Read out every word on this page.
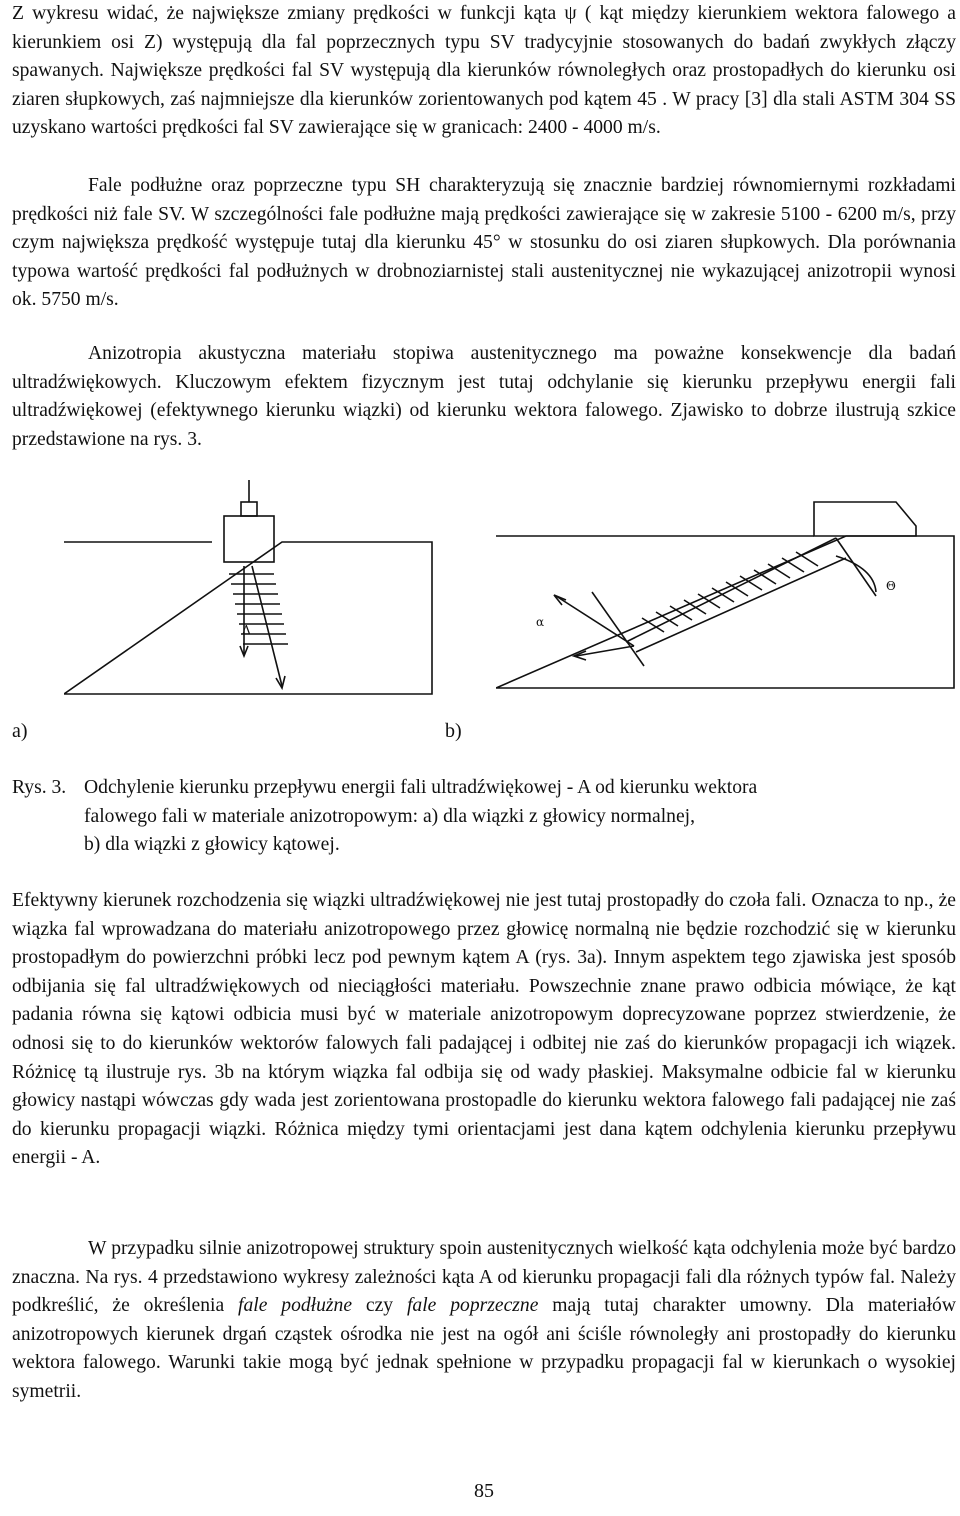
Z wykresu widać, że największe zmiany prędkości w funkcji kąta ψ ( kąt między kierunkiem wektora falowego a kierunkiem osi Z) występują dla fal poprzecznych typu SV tradycyjnie stosowanych do badań zwykłych złączy spawanych. Największe prędkości fal SV występują dla kierunków równoległych oraz prostopadłych do kierunku osi ziaren słupkowych, zaś najmniejsze dla kierunków zorientowanych pod kątem 45 . W pracy [3] dla stali ASTM 304 SS uzyskano wartości prędkości fal SV zawierające się w granicach: 2400 - 4000 m/s.

Fale podłużne oraz poprzeczne typu SH charakteryzują się znacznie bardziej równomiernymi rozkładami prędkości niż fale SV. W szczególności fale podłużne mają prędkości zawierające się w zakresie 5100 - 6200 m/s, przy czym największa prędkość występuje tutaj dla kierunku 45° w stosunku do osi ziaren słupkowych. Dla porównania typowa wartość prędkości fal podłużnych w drobnoziarnistej stali austenitycznej nie wykazującej anizotropii wynosi ok. 5750 m/s.

Anizotropia akustyczna materiału stopiwa austenitycznego ma poważne konsekwencje dla badań ultradźwiękowych. Kluczowym efektem fizycznym jest tutaj odchylanie się kierunku przepływu energii fali ultradźwiękowej (efektywnego kierunku wiązki) od kierunku wektora falowego. Zjawisko to dobrze ilustrują szkice przedstawione na rys. 3.

Δ
Θ
α
a)	b)
Rys. 3. Odchylenie kierunku przepływu energii fali ultradźwiękowej - A od kierunku wektora
falowego fali w materiale anizotropowym: a) dla wiązki z głowicy normalnej,
b) dla wiązki z głowicy kątowej.

Efektywny kierunek rozchodzenia się wiązki ultradźwiękowej nie jest tutaj prostopadły do czoła fali. Oznacza to np., że wiązka fal wprowadzana do materiału anizotropowego przez głowicę normalną nie będzie rozchodzić się w kierunku prostopadłym do powierzchni próbki lecz pod pewnym kątem A (rys. 3a). Innym aspektem tego zjawiska jest sposób odbijania się fal ultradźwiękowych od nieciągłości materiału. Powszechnie znane prawo odbicia mówiące, że kąt padania równa się kątowi odbicia musi być w materiale anizotropowym doprecyzowane poprzez stwierdzenie, że odnosi się to do kierunków wektorów falowych fali padającej i odbitej nie zaś do kierunków propagacji ich wiązek. Różnicę tą ilustruje rys. 3b na którym wiązka fal odbija się od wady płaskiej. Maksymalne odbicie fal w kierunku głowicy nastąpi wówczas gdy wada jest zorientowana prostopadle do kierunku wektora falowego fali padającej nie zaś do kierunku propagacji wiązki. Różnica między tymi orientacjami jest dana kątem odchylenia kierunku przepływu energii - A.

W przypadku silnie anizotropowej struktury spoin austenitycznych wielkość kąta odchylenia może być bardzo znaczna. Na rys. 4 przedstawiono wykresy zależności kąta A od kierunku propagacji fali dla różnych typów fal. Należy podkreślić, że określenia fale podłużne czy fale poprzeczne mają tutaj charakter umowny. Dla materiałów anizotropowych kierunek drgań cząstek ośrodka nie jest na ogół ani ściśle równoległy ani prostopadły do kierunku wektora falowego. Warunki takie mogą być jednak spełnione w przypadku propagacji fal w kierunkach o wysokiej symetrii.

85
